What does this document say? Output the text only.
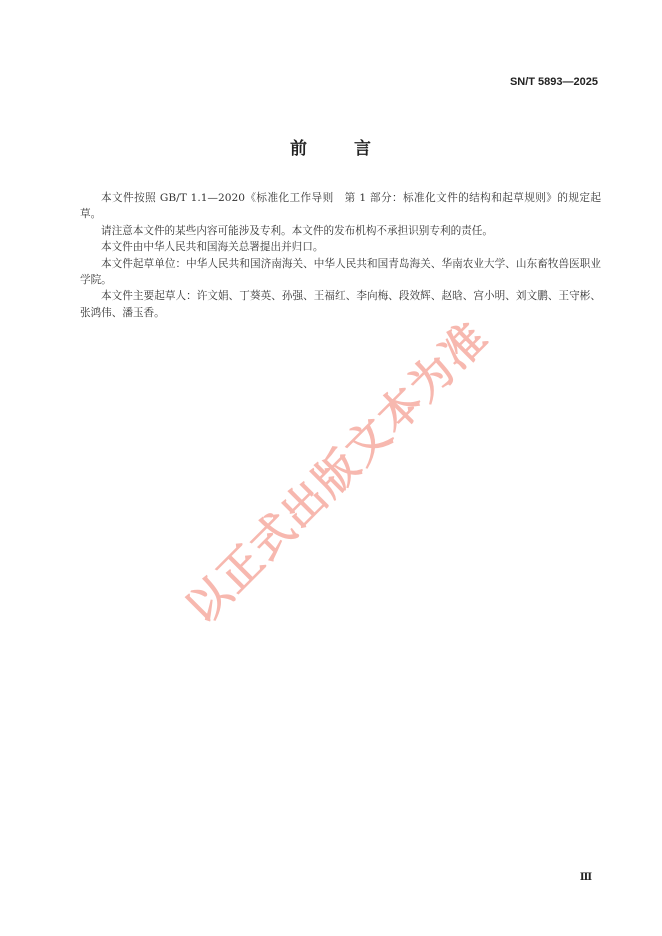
SN/T 5893—2025
前	言

本文件按照 GB/T 1.1—2020《标准化工作导则　第 1 部分：标准化文件的结构和起草规则》的规定起草。

请注意本文件的某些内容可能涉及专利。本文件的发布机构不承担识别专利的责任。

本文件由中华人民共和国海关总署提出并归口。

本文件起草单位：中华人民共和国济南海关、中华人民共和国青岛海关、华南农业大学、山东畜牧兽医职业学院。

本文件主要起草人：许文娟、丁葵英、孙强、王福红、李向梅、段效辉、赵晗、宫小明、刘文鹏、王守彬、张鸿伟、潘玉香。 以正式出版文本为准
Ⅲ
